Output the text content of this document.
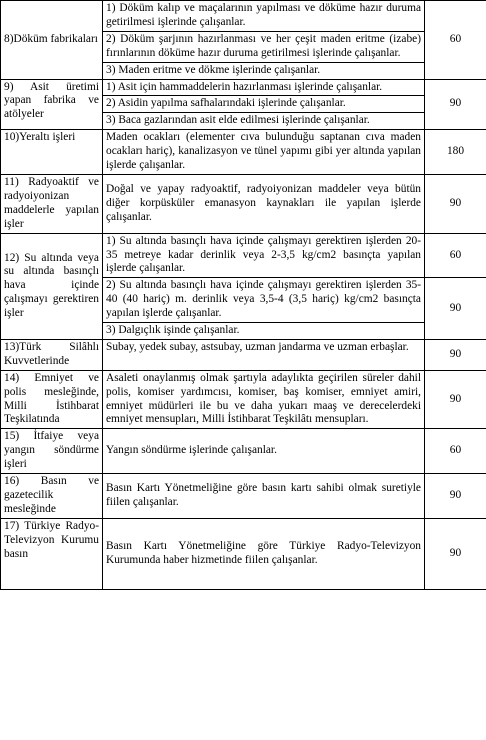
8)Döküm fabrikaları	1) Döküm kalıp ve maçalarının yapılması ve döküme hazır duruma getirilmesi işlerinde çalışanlar.	60
	2) Döküm şarjının hazırlanması ve her çeşit maden eritme (izabe) fırınlarının döküme hazır duruma getirilmesi işlerinde çalışanlar.	
	3) Maden eritme ve dökme işlerinde çalışanlar.	
9) Asit üretimi yapan fabrika ve atölyeler	1) Asit için hammaddelerin hazırlanması işlerinde çalışanlar.	90
	2) Asidin yapılma safhalarındaki işlerinde çalışanlar.	
	3) Baca gazlarından asit elde edilmesi işlerinde çalışanlar.	
10)Yeraltı işleri	Maden ocakları (elementer cıva bulunduğu saptanan cıva maden ocakları hariç), kanalizasyon ve tünel yapımı gibi yer altında yapılan işlerde çalışanlar.	180
11) Radyoaktif ve radyoiyonizan maddelerle yapılan işler	Doğal ve yapay radyoaktif, radyoiyonizan maddeler veya bütün diğer korpüsküler emanasyon kaynakları ile yapılan işlerde çalışanlar.	90
12) Su altında veya su altında basınçlı hava içinde çalışmayı gerektiren işler	1) Su altında basınçlı hava içinde çalışmayı gerektiren işlerden 20-35 metreye kadar derinlik veya 2-3,5 kg/cm2 basınçta yapılan işlerde çalışanlar.	60
	2) Su altında basınçlı hava içinde çalışmayı gerektiren işlerden 35-40 (40 hariç) m. derinlik veya 3,5-4 (3,5 hariç) kg/cm2 basınçta yapılan işlerde çalışanlar.	90
	3) Dalgıçlık işinde çalışanlar.	
13)Türk Silâhlı Kuvvetlerinde	Subay, yedek subay, astsubay, uzman jandarma ve uzman erbaşlar.	90
14) Emniyet ve polis mesleğinde, Milli İstihbarat Teşkilatında	Asaleti onaylanmış olmak şartıyla adaylıkta geçirilen süreler dahil polis, komiser yardımcısı, komiser, baş komiser, emniyet amiri, emniyet müdürleri ile bu ve daha yukarı maaş ve derecelerdeki emniyet mensupları, Milli İstihbarat Teşkilâtı mensupları.	90
15) İtfaiye veya yangın söndürme işleri	Yangın söndürme işlerinde çalışanlar.	60
16) Basın ve gazetecilik mesleğinde	Basın Kartı Yönetmeliğine göre basın kartı sahibi olmak suretiyle fiilen çalışanlar.	90
17) Türkiye Radyo-Televizyon Kurumu basın	Basın Kartı Yönetmeliğine göre Türkiye Radyo-Televizyon Kurumunda haber hizmetinde fiilen çalışanlar.	90
